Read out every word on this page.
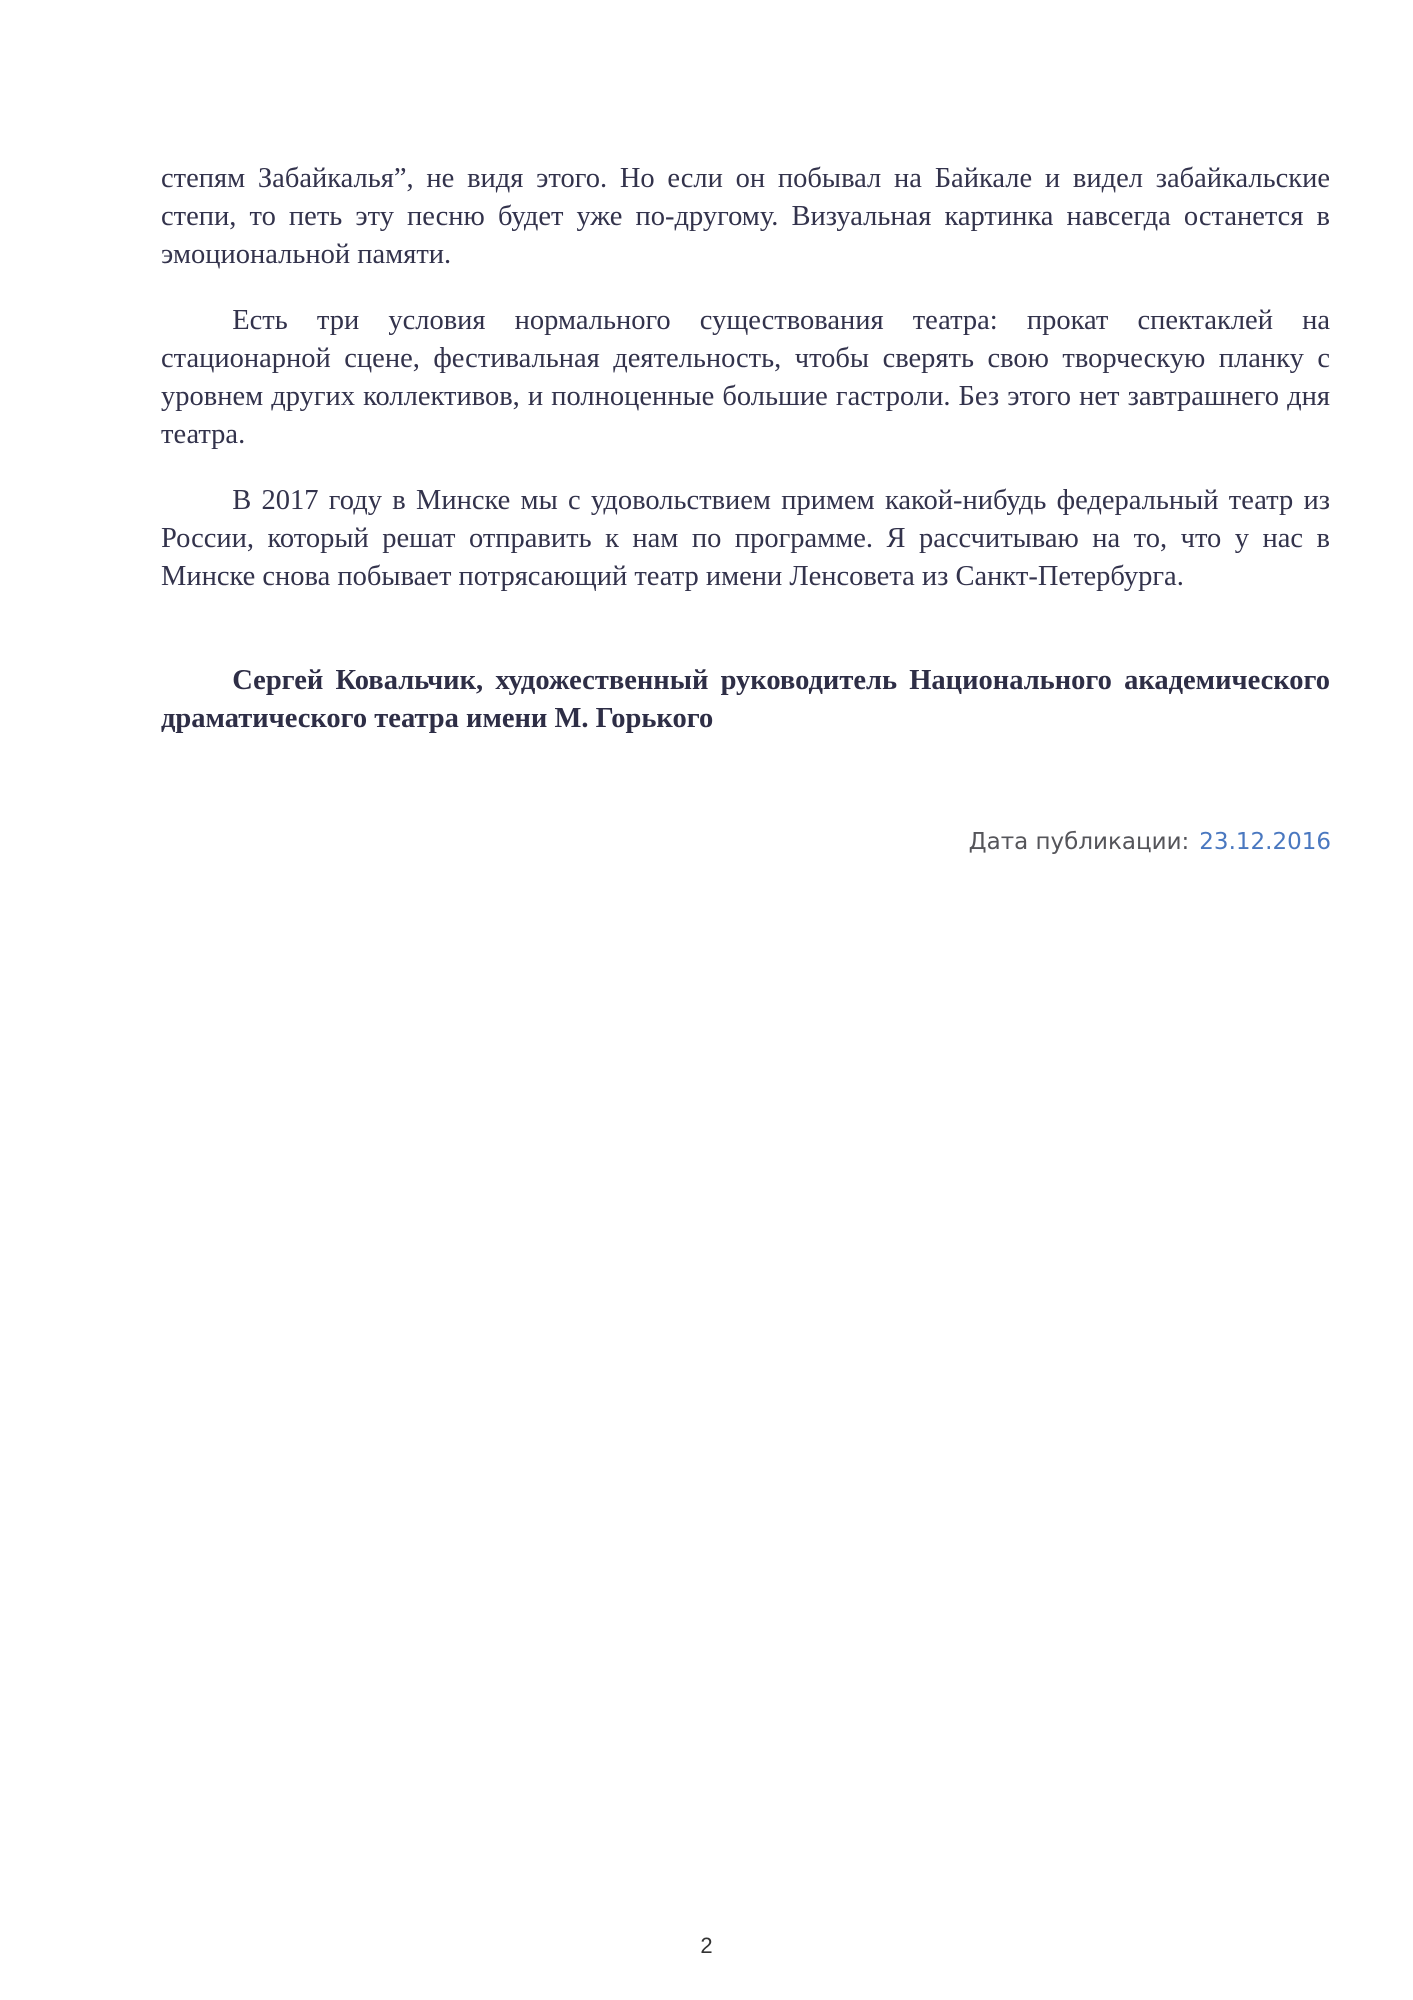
степям Забайкалья”, не видя этого. Но если он побывал на Байкале и видел забайкальские степи, то петь эту песню будет уже по-другому. Визуальная картинка навсегда останется в эмоциональной памяти.

Есть три условия нормального существования театра: прокат спектаклей на стационарной сцене, фестивальная деятельность, чтобы сверять свою творческую планку с уровнем других коллективов, и полноценные большие гастроли. Без этого нет завтрашнего дня театра.

В 2017 году в Минске мы с удовольствием примем какой-нибудь федеральный театр из России, который решат отправить к нам по программе. Я рассчитываю на то, что у нас в Минске снова побывает потрясающий театр имени Ленсовета из Санкт-Петербурга.

Сергей Ковальчик, художественный руководитель Национального академического драматического театра имени М. Горького

Дата публикации: 23.12.2016
2
